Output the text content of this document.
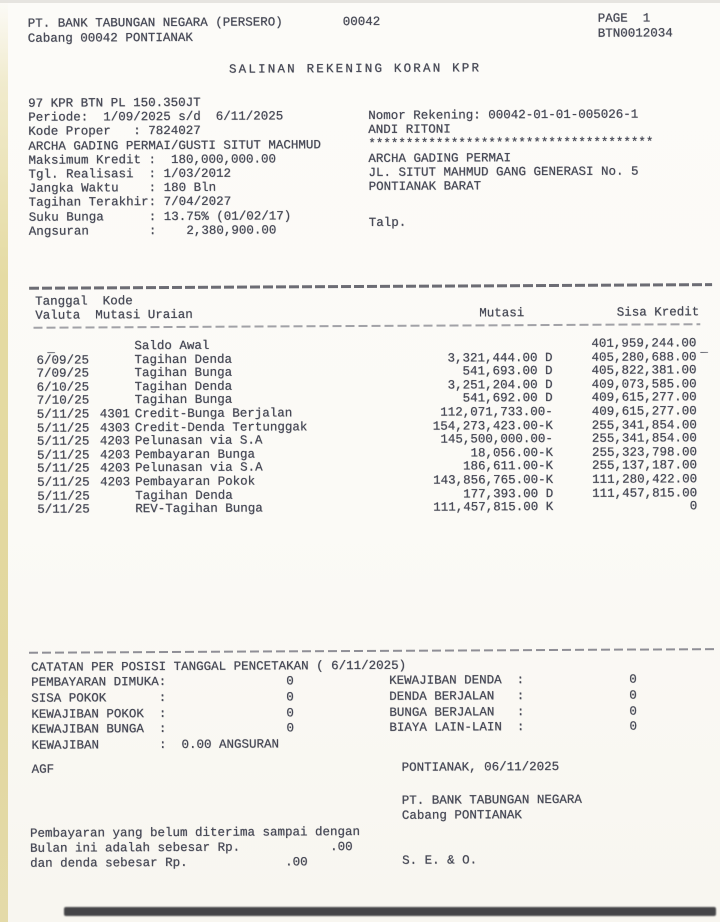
PT. BANK TABUNGAN NEGARA (PERSERO)	00042	PAGE  1
Cabang 00042 PONTIANAK	BTN0012034
SALINAN REKENING KORAN KPR
97 KPR BTN PL 150.350JT
Periode:  1/09/2025 s/d  6/11/2025
Kode Proper   : 7824027
ARCHA GADING PERMAI/GUSTI SITUT MACHMUD
Maksimum Kredit :  180,000,000.00
Tgl. Realisasi  : 1/03/2012
Jangka Waktu    : 180 Bln
Tagihan Terakhir: 7/04/2027
Suku Bunga      : 13.75% (01/02/17)
Angsuran        :    2,380,900.00
Nomor Rekening: 00042-01-01-005026-1
ANDI RITONI
**************************************
ARCHA GADING PERMAI
JL. SITUT MAHMUD GANG GENERASI No. 5
PONTIANAK BARAT
Talp.
Tanggal  Kode
Valuta  Mutasi Uraian	Mutasi	Sisa Kredit
Saldo Awal	401,959,244.00
6/09/25	Tagihan Denda	3,321,444.00 D	405,280,688.00
7/09/25	Tagihan Bunga	541,693.00 D	405,822,381.00
6/10/25	Tagihan Denda	3,251,204.00 D	409,073,585.00
7/10/25	Tagihan Bunga	541,692.00 D	409,615,277.00
5/11/25 4301 Credit-Bunga Berjalan	112,071,733.00-	409,615,277.00
5/11/25 4303 Credit-Denda Tertunggak	154,273,423.00-K	255,341,854.00
5/11/25 4203 Pelunasan via S.A	145,500,000.00-	255,341,854.00
5/11/25 4203 Pembayaran Bunga	18,056.00-K	255,323,798.00
5/11/25 4203 Pelunasan via S.A	186,611.00-K	255,137,187.00
5/11/25 4203 Pembayaran Pokok	143,856,765.00-K	111,280,422.00
5/11/25	Tagihan Denda	177,393.00 D	111,457,815.00
5/11/25	REV-Tagihan Bunga	111,457,815.00 K	0
_	_
CATATAN PER POSISI TANGGAL PENCETAKAN ( 6/11/2025)
PEMBAYARAN DIMUKA:                0
SISA POKOK       :                0
KEWAJIBAN POKOK  :                0
KEWAJIBAN BUNGA  :                0
KEWAJIBAN        :  0.00 ANGSURAN
KEWAJIBAN DENDA  :              0
DENDA BERJALAN   :              0
BUNGA BERJALAN   :              0
BIAYA LAIN-LAIN  :              0
AGF	PONTIANAK, 06/11/2025
PT. BANK TABUNGAN NEGARA
Cabang PONTIANAK
Pembayaran yang belum diterima sampai dengan
Bulan ini adalah sebesar Rp.            .00
dan denda sebesar Rp.             .00	S. E. & O.
